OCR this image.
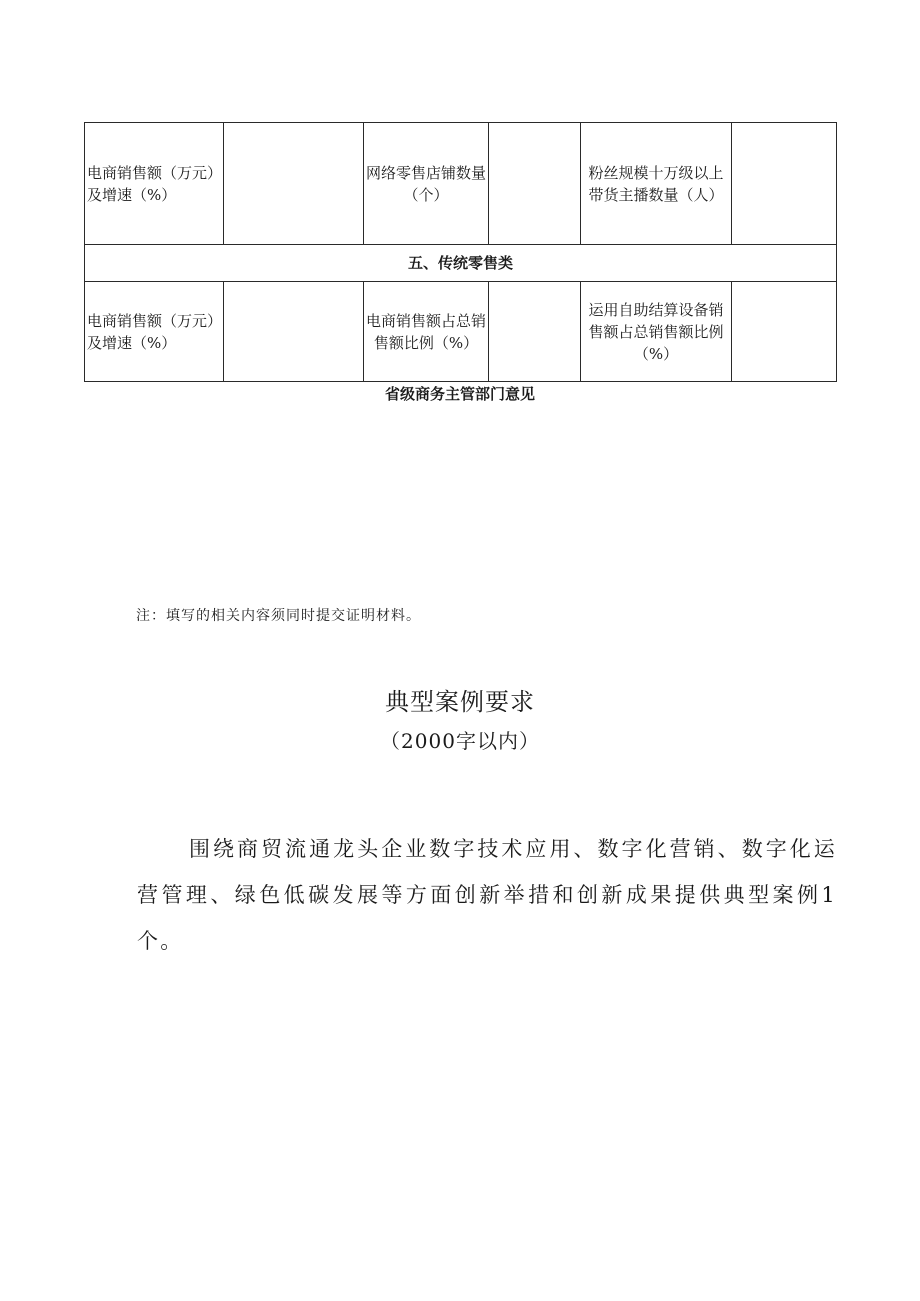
电商销售额（万元）及增速（%）		网络零售店铺数量（个）		粉丝规模十万级以上带货主播数量（人）	

五、传统零售类					

电商销售额（万元）及增速（%）		电商销售额占总销售额比例（%）		运用自助结算设备销售额占总销售额比例（%）	

省级商务主管部门意见
注：填写的相关内容须同时提交证明材料。
典型案例要求
（2000字以内）
围绕商贸流通龙头企业数字技术应用、数字化营销、数字化运营管理、绿色低碳发展等方面创新举措和创新成果提供典型案例1个。
